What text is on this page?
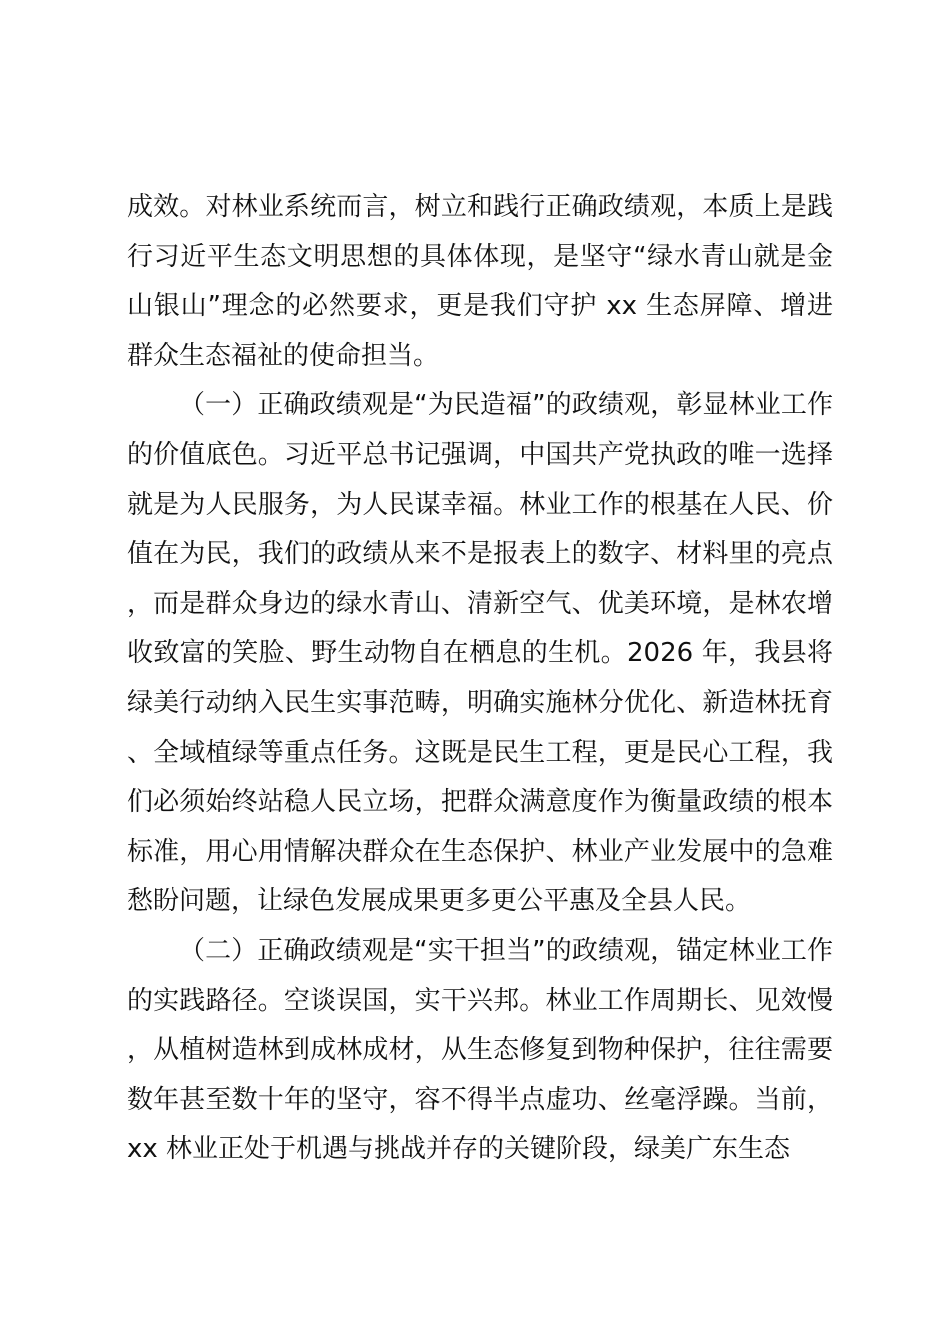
成效。对林业系统而言，树立和践行正确政绩观，本质上是践行习近平生态文明思想的具体体现，是坚守“绿水青山就是金山银山”理念的必然要求，更是我们守护 xx 生态屏障、增进群众生态福祉的使命担当。

（一）正确政绩观是“为民造福”的政绩观，彰显林业工作的价值底色。习近平总书记强调，中国共产党执政的唯一选择就是为人民服务，为人民谋幸福。林业工作的根基在人民、价值在为民，我们的政绩从来不是报表上的数字、材料里的亮点，而是群众身边的绿水青山、清新空气、优美环境，是林农增收致富的笑脸、野生动物自在栖息的生机。2026 年，我县将绿美行动纳入民生实事范畴，明确实施林分优化、新造林抚育、全域植绿等重点任务。这既是民生工程，更是民心工程，我们必须始终站稳人民立场，把群众满意度作为衡量政绩的根本标准，用心用情解决群众在生态保护、林业产业发展中的急难愁盼问题，让绿色发展成果更多更公平惠及全县人民。

（二）正确政绩观是“实干担当”的政绩观，锚定林业工作的实践路径。空谈误国，实干兴邦。林业工作周期长、见效慢，从植树造林到成林成材，从生态修复到物种保护，往往需要数年甚至数十年的坚守，容不得半点虚功、丝毫浮躁。当前，xx 林业正处于机遇与挑战并存的关键阶段，绿美广东生态
